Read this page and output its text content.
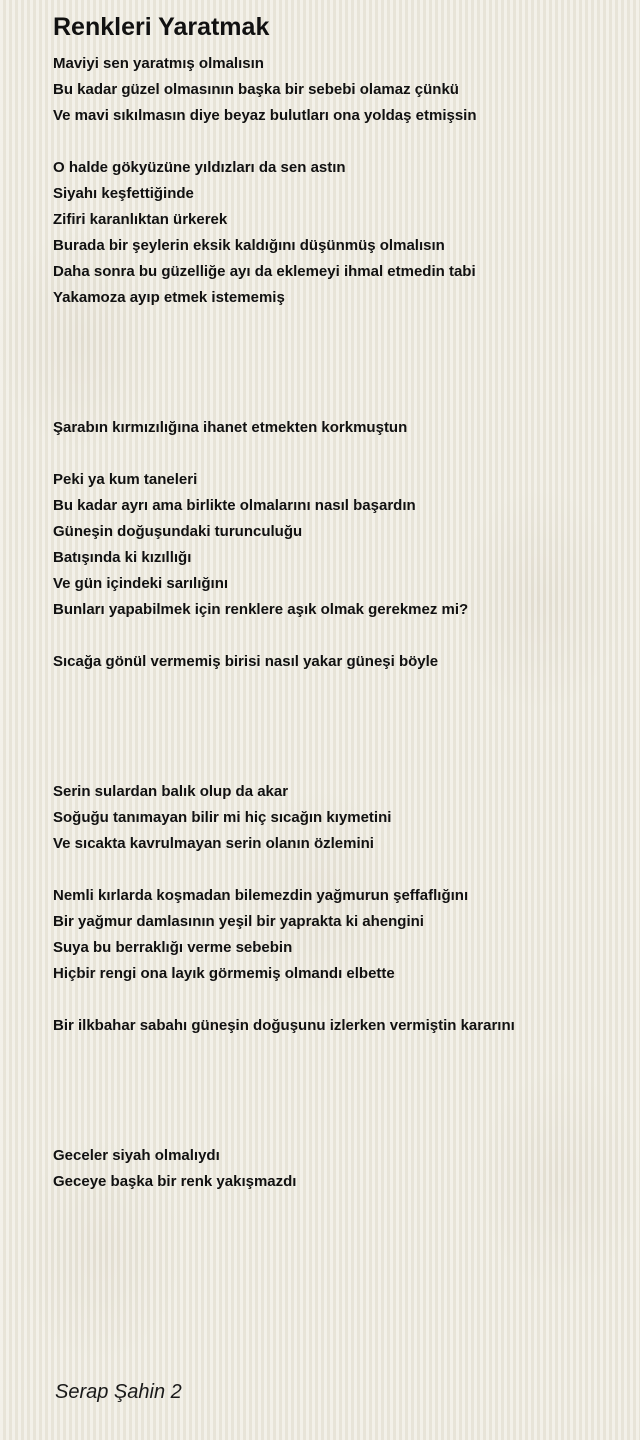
Renkleri Yaratmak
Maviyi sen yaratmış olmalısın
Bu kadar güzel olmasının başka bir sebebi olamaz çünkü
Ve mavi sıkılmasın diye beyaz bulutları ona yoldaş etmişsin
O halde gökyüzüne yıldızları da sen astın
Siyahı keşfettiğinde
Zifiri karanlıktan ürkerek
Burada bir şeylerin eksik kaldığını düşünmüş olmalısın
Daha sonra bu güzelliğe ayı da eklemeyi ihmal etmedin tabi
Yakamoza ayıp etmek istememiş
Şarabın kırmızılığına ihanet etmekten korkmuştun
Peki ya kum taneleri
Bu kadar ayrı ama birlikte olmalarını nasıl başardın
Güneşin doğuşundaki turunculuğu
Batışında ki kızıllığı
Ve gün içindeki sarılığını
Bunları yapabilmek için renklere aşık olmak gerekmez mi?
Sıcağa gönül vermemiş birisi nasıl yakar güneşi böyle
Serin sulardan balık olup da akar
Soğuğu tanımayan bilir mi hiç sıcağın kıymetini
Ve sıcakta kavrulmayan serin olanın özlemini
Nemli kırlarda koşmadan bilemezdin yağmurun şeffaflığını
Bir yağmur damlasının yeşil bir yaprakta ki ahengini
Suya bu berraklığı verme sebebin
Hiçbir rengi ona layık görmemiş olmandı elbette
Bir ilkbahar sabahı güneşin doğuşunu izlerken vermiştin kararını
Geceler siyah olmalıydı
Geceye başka bir renk yakışmazdı
Serap Şahin 2
